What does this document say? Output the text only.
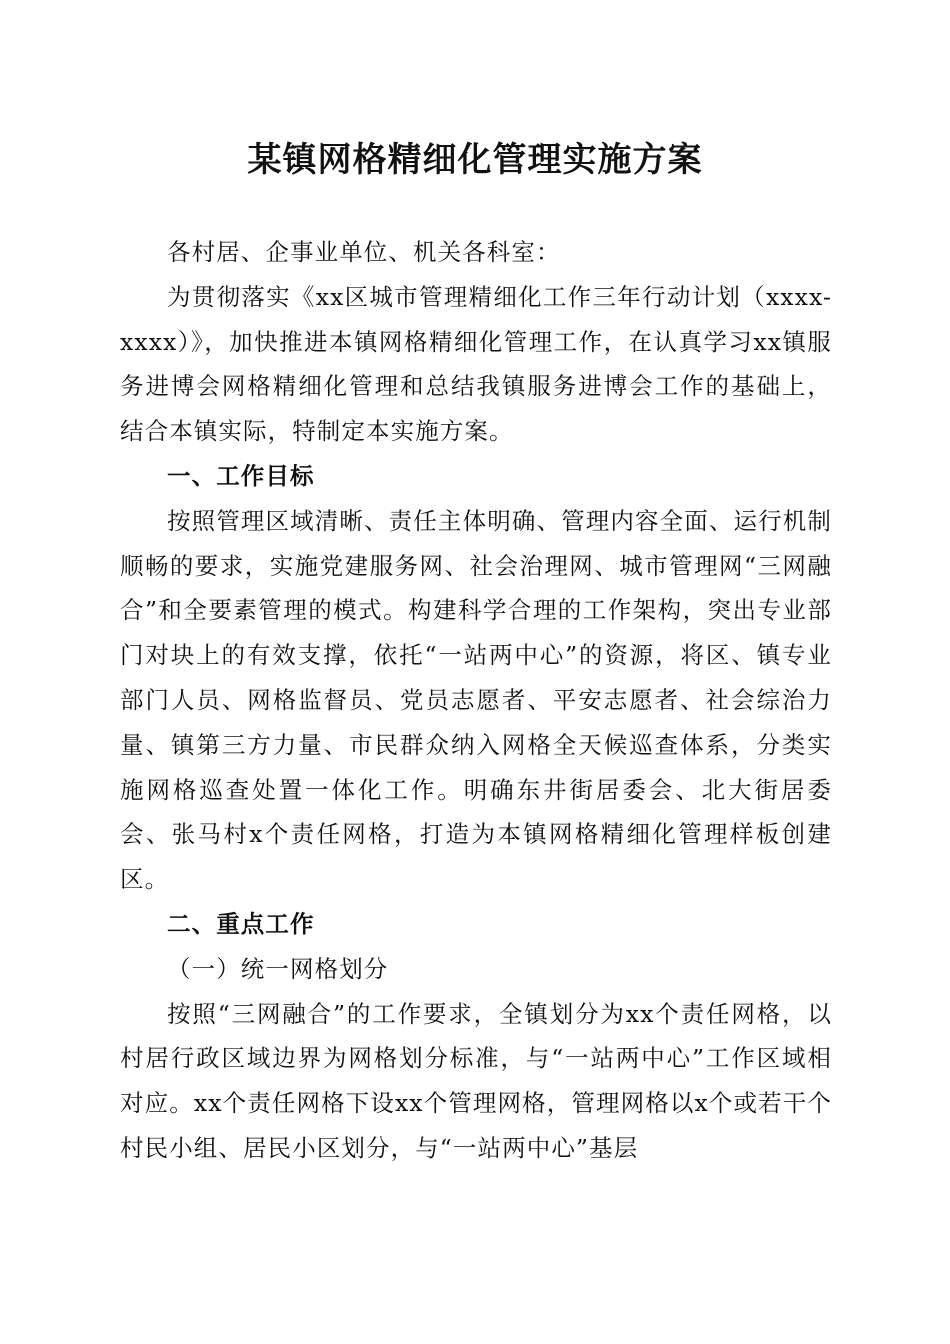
某镇网格精细化管理实施方案

各村居、企事业单位、机关各科室：

为贯彻落实《xx区城市管理精细化工作三年行动计划（xxxx-xxxx）》，加快推进本镇网格精细化管理工作，在认真学习xx镇服务进博会网格精细化管理和总结我镇服务进博会工作的基础上，结合本镇实际，特制定本实施方案。

一、工作目标

按照管理区域清晰、责任主体明确、管理内容全面、运行机制顺畅的要求，实施党建服务网、社会治理网、城市管理网“三网融合”和全要素管理的模式。构建科学合理的工作架构，突出专业部门对块上的有效支撑，依托“一站两中心”的资源，将区、镇专业部门人员、网格监督员、党员志愿者、平安志愿者、社会综治力量、镇第三方力量、市民群众纳入网格全天候巡查体系，分类实施网格巡查处置一体化工作。明确东井街居委会、北大街居委会、张马村x个责任网格，打造为本镇网格精细化管理样板创建区。

二、重点工作
（一）统一网格划分

按照“三网融合”的工作要求，全镇划分为xx个责任网格，以村居行政区域边界为网格划分标准，与“一站两中心”工作区域相对应。xx个责任网格下设xx个管理网格，管理网格以x个或若干个村民小组、居民小区划分，与“一站两中心”基层
